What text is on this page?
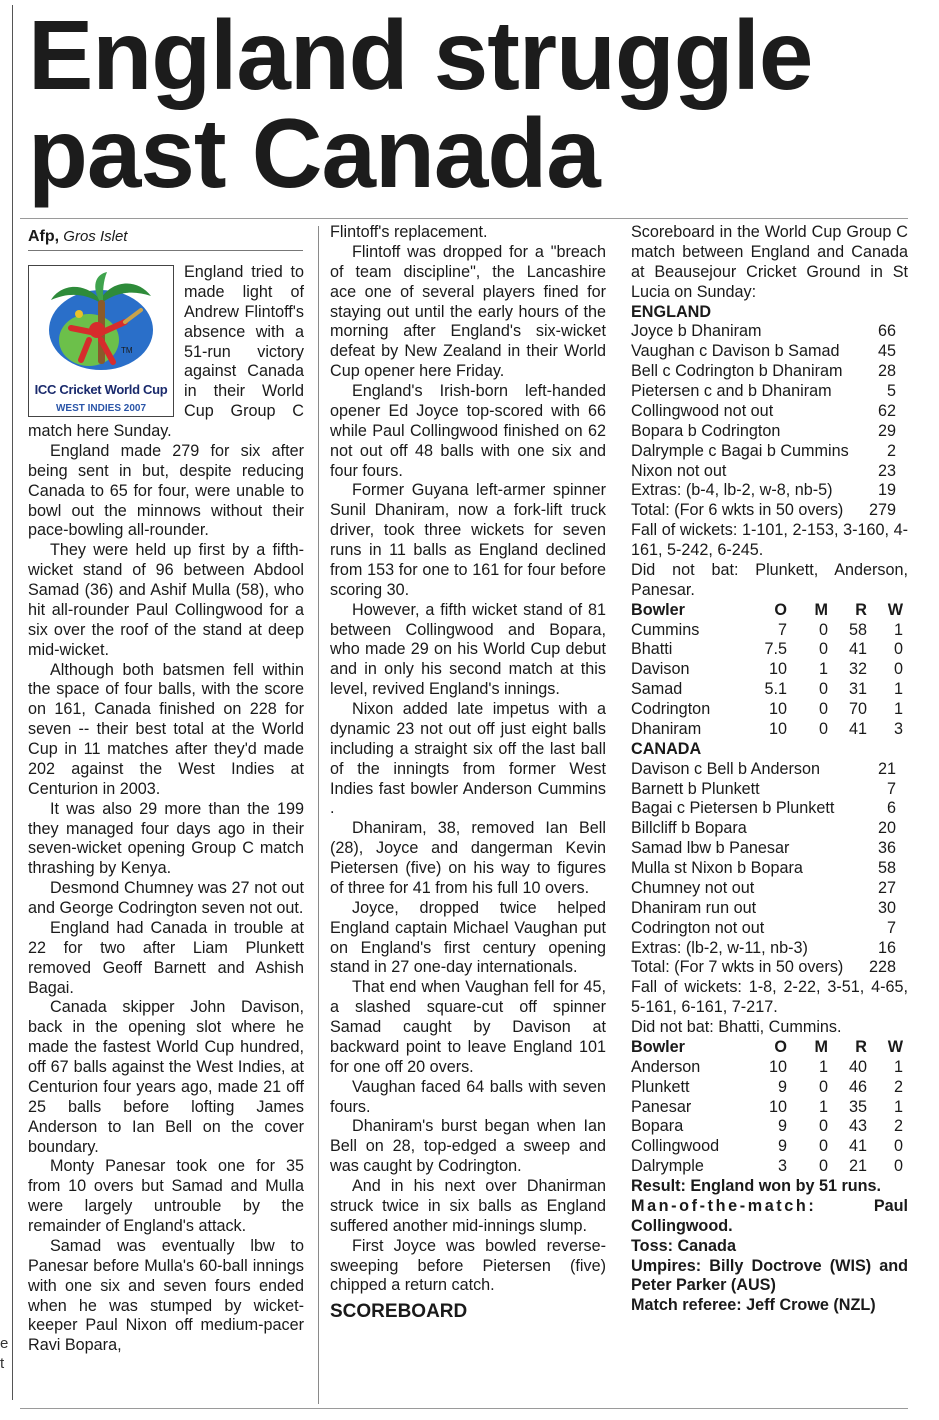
e
t
England struggle
past Canada
Afp, Gros Islet
TM
ICC Cricket World Cup
WEST INDIES 2007

England tried to made light of Andrew Flintoff's absence with a 51-run victory against Canada in their World Cup Group C match here Sunday.

England made 279 for six after being sent in but, despite reducing Canada to 65 for four, were unable to bowl out the minnows without their pace-bowling all-rounder.

They were held up first by a fifth-wicket stand of 96 between Abdool Samad (36) and Ashif Mulla (58), who hit all-rounder Paul Collingwood for a six over the roof of the stand at deep mid-wicket.

Although both batsmen fell within the space of four balls, with the score on 161, Canada finished on 228 for seven -- their best total at the World Cup in 11 matches after they'd made 202 against the West Indies at Centurion in 2003.

It was also 29 more than the 199 they managed four days ago in their seven-wicket opening Group C match thrashing by Kenya.

Desmond Chumney was 27 not out and George Codrington seven not out.

England had Canada in trouble at 22 for two after Liam Plunkett removed Geoff Barnett and Ashish Bagai.

Canada skipper John Davison, back in the opening slot where he made the fastest World Cup hundred, off 67 balls against the West Indies, at Centurion four years ago, made 21 off 25 balls before lofting James Anderson to Ian Bell on the cover boundary.

Monty Panesar took one for 35 from 10 overs but Samad and Mulla were largely untrouble by the remainder of England's attack.

Samad was eventually lbw to Panesar before Mulla's 60-ball innings with one six and seven fours ended when he was stumped by wicket-keeper Paul Nixon off medium-pacer Ravi Bopara,

Flintoff's replacement.

Flintoff was dropped for a "breach of team discipline", the Lancashire ace one of several players fined for staying out until the early hours of the morning after England's six-wicket defeat by New Zealand in their World Cup opener here Friday.

England's Irish-born left-handed opener Ed Joyce top-scored with 66 while Paul Collingwood finished on 62 not out off 48 balls with one six and four fours.

Former Guyana left-armer spinner Sunil Dhaniram, now a fork-lift truck driver, took three wickets for seven runs in 11 balls as England declined from 153 for one to 161 for four before scoring 30.

However, a fifth wicket stand of 81 between Collingwood and Bopara, who made 29 on his World Cup debut and in only his second match at this level, revived England's innings.

Nixon added late impetus with a dynamic 23 not out off just eight balls including a straight six off the last ball of the inningts from former West Indies fast bowler Anderson Cummins .

Dhaniram, 38, removed Ian Bell (28), Joyce and dangerman Kevin Pietersen (five) on his way to figures of three for 41 from his full 10 overs.

Joyce, dropped twice helped England captain Michael Vaughan put on England's first century opening stand in 27 one-day internationals.

That end when Vaughan fell for 45, a slashed square-cut off spinner Samad caught by Davison at backward point to leave England 101 for one off 20 overs.

Vaughan faced 64 balls with seven fours.

Dhaniram's burst began when Ian Bell on 28, top-edged a sweep and was caught by Codrington.

And in his next over Dhanirman struck twice in six balls as England suffered another mid-innings slump.

First Joyce was bowled reverse-sweeping before Pietersen (five) chipped a return catch.

SCOREBOARD
Scoreboard in the World Cup Group C match between England and Canada at Beausejour Cricket Ground in St Lucia on Sunday:
ENGLAND
Joyce b Dhaniram	66
Vaughan c Davison b Samad 45
Bell c Codrington b Dhaniram 28
Pietersen c and b Dhaniram	5
Collingwood not out	62
Bopara b Codrington	29
Dalrymple c Bagai b Cummins 2
Nixon not out	23
Extras: (b-4, lb-2, w-8, nb-5)	19
Total: (For 6 wkts in 50 overs) 279
Fall of wickets: 1-101, 2-153, 3-160, 4-161, 5-242, 6-245.
Did not bat: Plunkett, Anderson, Panesar.
Bowler	O	M	R	W
Cummins	7	0	58	1
Bhatti	7.5	0	41	0
Davison	10	1	32	0
Samad	5.1	0	31	1
Codrington	10	0	70	1
Dhaniram	10	0	41	3
CANADA
Davison c Bell b Anderson	21
Barnett b Plunkett	7
Bagai c Pietersen b Plunkett	6
Billcliff b Bopara	20
Samad lbw b Panesar	36
Mulla st Nixon b Bopara	58
Chumney not out	27
Dhaniram run out	30
Codrington not out	7
Extras: (lb-2, w-11, nb-3)	16
Total: (For 7 wkts in 50 overs) 228
Fall of wickets: 1-8, 2-22, 3-51, 4-65, 5-161, 6-161, 7-217.
Did not bat: Bhatti, Cummins.
Bowler	O	M	R	W
Anderson	10	1	40	1
Plunkett	9	0	46	2
Panesar	10	1	35	1
Bopara	9	0	43	2
Collingwood	9	0	41	0
Dalrymple	3	0	21	0
Result: England won by 51 runs.
Man-of-the-match:	Paul
Collingwood.
Toss: Canada
Umpires: Billy Doctrove (WIS) and Peter Parker (AUS)
Match referee: Jeff Crowe (NZL)
